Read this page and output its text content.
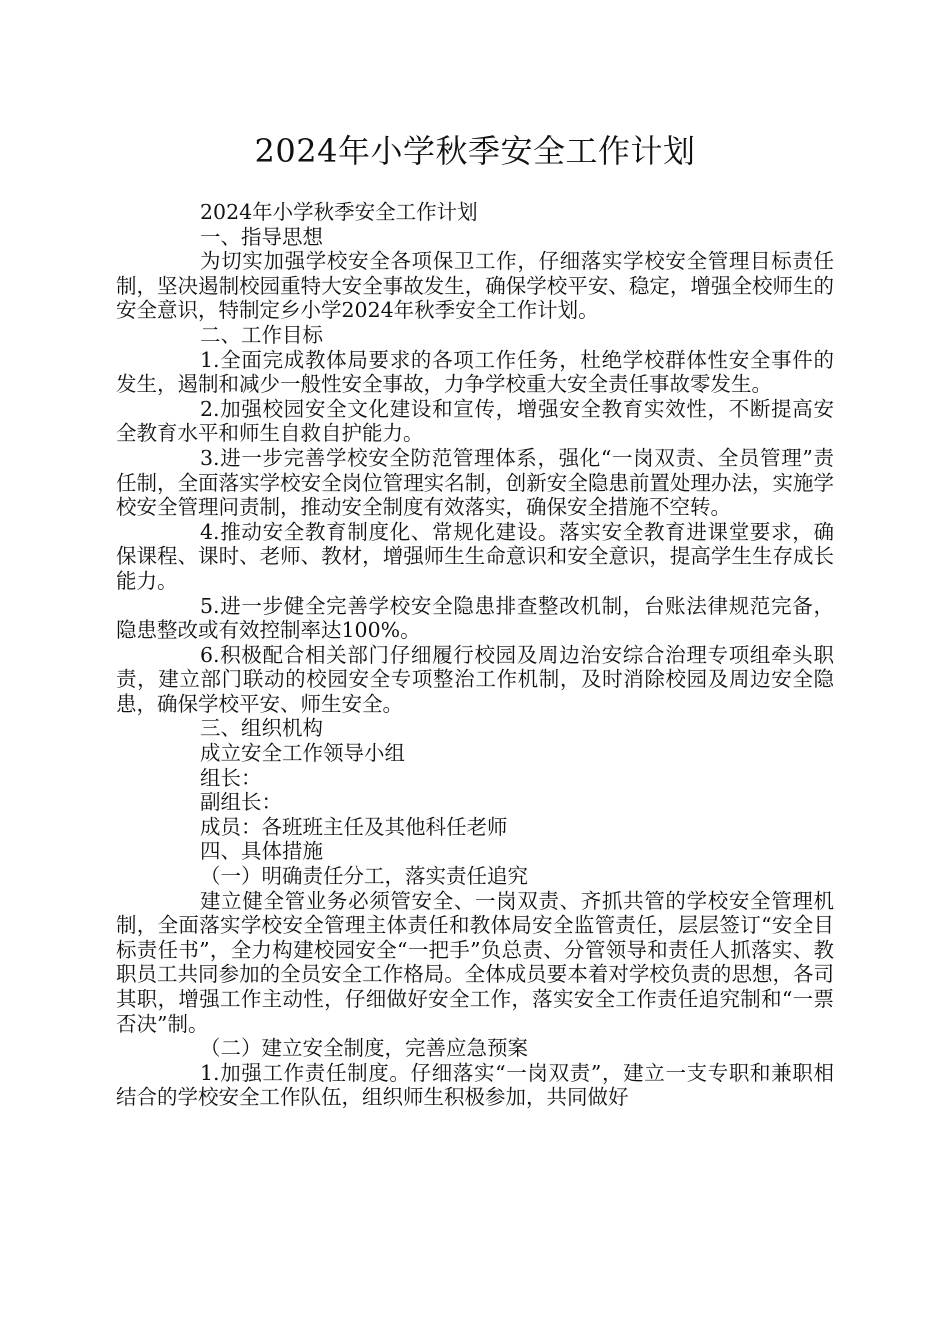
2024年小学秋季安全工作计划

2024年小学秋季安全工作计划

一、指导思想

为切实加强学校安全各项保卫工作，仔细落实学校安全管理目标责任制，坚决遏制校园重特大安全事故发生，确保学校平安、稳定，增强全校师生的安全意识，特制定乡小学2024年秋季安全工作计划。

二、工作目标

1.全面完成教体局要求的各项工作任务，杜绝学校群体性安全事件的发生，遏制和减少一般性安全事故，力争学校重大安全责任事故零发生。

2.加强校园安全文化建设和宣传，增强安全教育实效性，不断提高安全教育水平和师生自救自护能力。

3.进一步完善学校安全防范管理体系，强化“一岗双责、全员管理”责任制，全面落实学校安全岗位管理实名制，创新安全隐患前置处理办法，实施学校安全管理问责制，推动安全制度有效落实，确保安全措施不空转。

4.推动安全教育制度化、常规化建设。落实安全教育进课堂要求，确保课程、课时、老师、教材，增强师生生命意识和安全意识，提高学生生存成长能力。

5.进一步健全完善学校安全隐患排查整改机制，台账法律规范完备，隐患整改或有效控制率达100%。

6.积极配合相关部门仔细履行校园及周边治安综合治理专项组牵头职责，建立部门联动的校园安全专项整治工作机制，及时消除校园及周边安全隐患，确保学校平安、师生安全。

三、组织机构

成立安全工作领导小组

组长：

副组长：

成员：各班班主任及其他科任老师

四、具体措施

（一）明确责任分工，落实责任追究

建立健全管业务必须管安全、一岗双责、齐抓共管的学校安全管理机制，全面落实学校安全管理主体责任和教体局安全监管责任，层层签订“安全目标责任书”，全力构建校园安全“一把手”负总责、分管领导和责任人抓落实、教职员工共同参加的全员安全工作格局。全体成员要本着对学校负责的思想，各司其职，增强工作主动性，仔细做好安全工作，落实安全工作责任追究制和“一票否决”制。

（二）建立安全制度，完善应急预案

1.加强工作责任制度。仔细落实“一岗双责”，建立一支专职和兼职相结合的学校安全工作队伍，组织师生积极参加，共同做好
